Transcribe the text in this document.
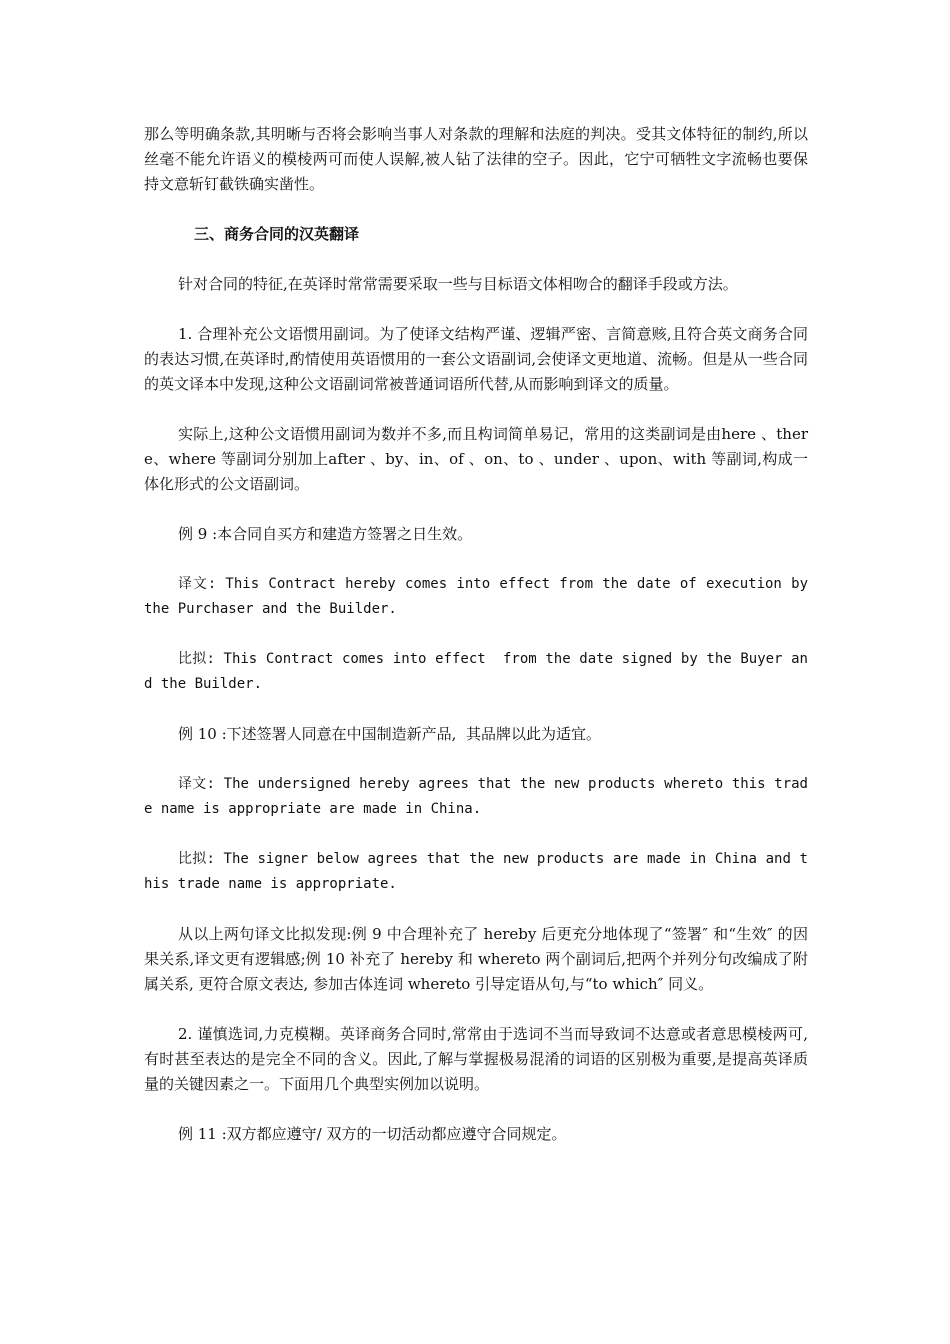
那么等明确条款,其明晰与否将会影响当事人对条款的理解和法庭的判决。受其文体特征的制约,所以丝毫不能允许语义的模棱两可而使人误解,被人钻了法律的空子。因此，它宁可牺牲文字流畅也要保持文意斩钉截铁确实凿性。

三、商务合同的汉英翻译

针对合同的特征,在英译时常常需要采取一些与目标语文体相吻合的翻译手段或方法。

1. 合理补充公文语惯用副词。为了使译文结构严谨、逻辑严密、言简意赅,且符合英文商务合同的表达习惯,在英译时,酌情使用英语惯用的一套公文语副词,会使译文更地道、流畅。但是从一些合同的英文译本中发现,这种公文语副词常被普通词语所代替,从而影响到译文的质量。

实际上,这种公文语惯用副词为数并不多,而且构词简单易记，常用的这类副词是由here 、there、where 等副词分别加上after 、by、in、of 、on、to 、under 、upon、with 等副词,构成一体化形式的公文语副词。

例 9 :本合同自买方和建造方签署之日生效。

译文: This Contract hereby comes into effect from the date of execution by the Purchaser and the Builder.

比拟: This Contract comes into effect  from the date signed by the Buyer and the Builder.

例 10 :下述签署人同意在中国制造新产品,  其品牌以此为适宜。

译文: The undersigned hereby agrees that the new products whereto this trade name is appropriate are made in China.

比拟: The signer below agrees that the new products are made in China and this trade name is appropriate.

从以上两句译文比拟发现:例 9 中合理补充了 hereby 后更充分地体现了“签署″ 和“生效″ 的因果关系,译文更有逻辑感;例 10 补充了 hereby 和 whereto 两个副词后,把两个并列分句改编成了附属关系, 更符合原文表达, 参加古体连词 whereto 引导定语从句,与“to which″ 同义。

2. 谨慎选词,力克模糊。英译商务合同时,常常由于选词不当而导致词不达意或者意思模棱两可,有时甚至表达的是完全不同的含义。因此,了解与掌握极易混淆的词语的区别极为重要,是提高英译质量的关键因素之一。下面用几个典型实例加以说明。

例 11 :双方都应遵守/ 双方的一切活动都应遵守合同规定。
